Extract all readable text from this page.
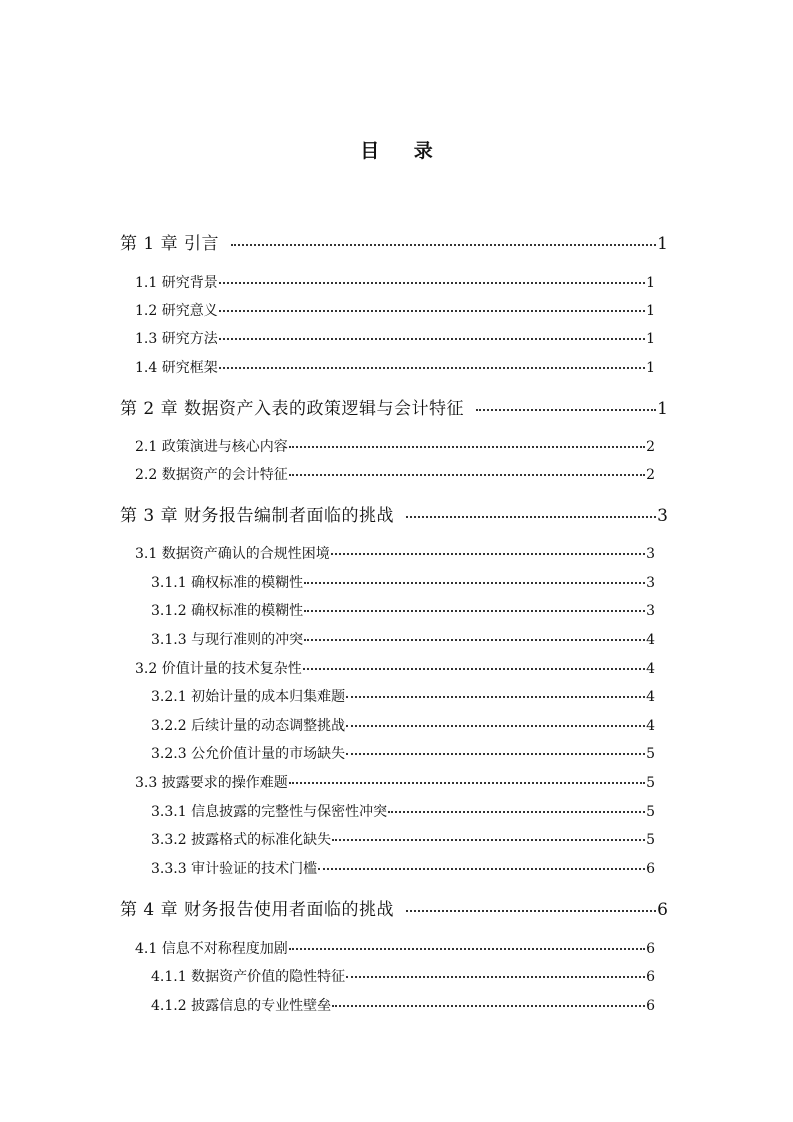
目 录
第 1 章 引言	1
1.1 研究背景	1
1.2 研究意义	1
1.3 研究方法	1
1.4 研究框架	1
第 2 章 数据资产入表的政策逻辑与会计特征	1
2.1 政策演进与核心内容	2
2.2 数据资产的会计特征	2
第 3 章 财务报告编制者面临的挑战	3
3.1 数据资产确认的合规性困境	3
3.1.1 确权标准的模糊性	3
3.1.2 确权标准的模糊性	3
3.1.3 与现行准则的冲突	4
3.2 价值计量的技术复杂性	4
3.2.1 初始计量的成本归集难题	4
3.2.2 后续计量的动态调整挑战	4
3.2.3 公允价值计量的市场缺失	5
3.3 披露要求的操作难题	5
3.3.1 信息披露的完整性与保密性冲突	5
3.3.2 披露格式的标准化缺失	5
3.3.3 审计验证的技术门槛	6
第 4 章 财务报告使用者面临的挑战	6
4.1 信息不对称程度加剧	6
4.1.1 数据资产价值的隐性特征	6
4.1.2 披露信息的专业性壁垒	6
